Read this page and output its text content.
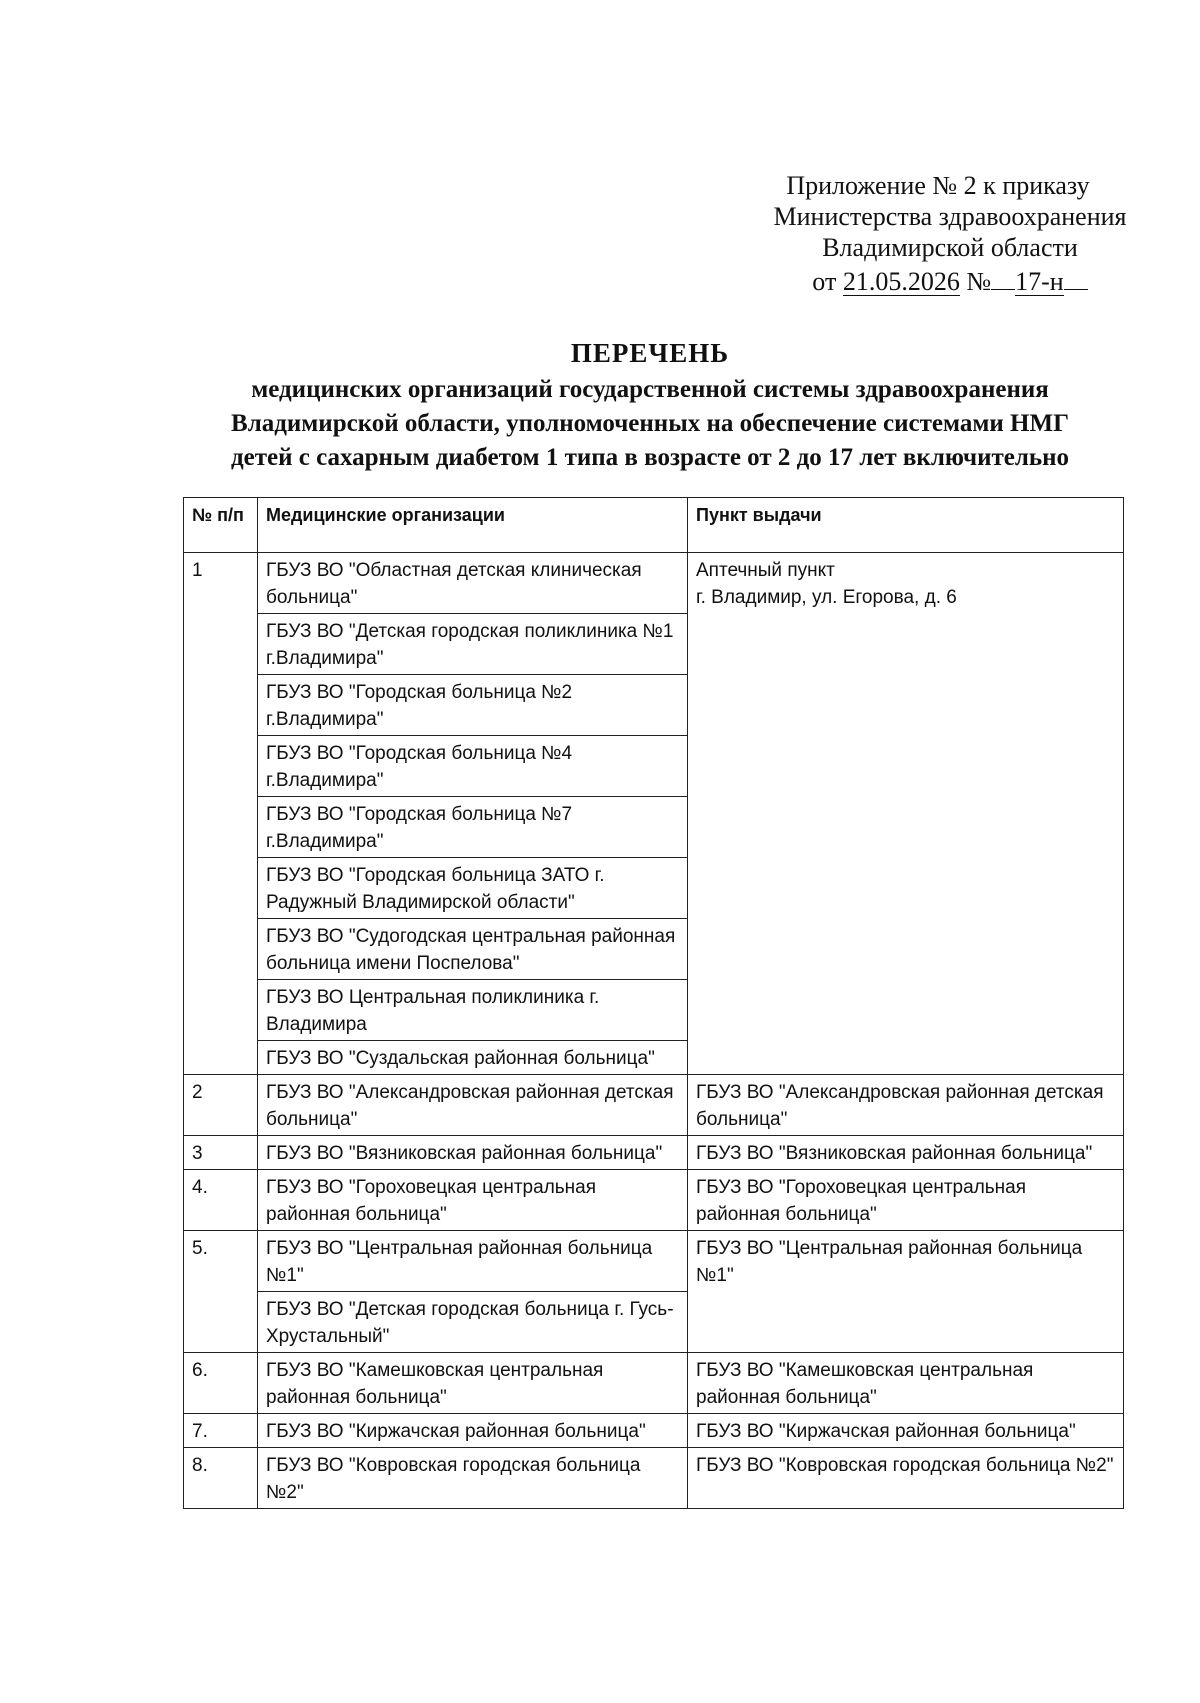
Приложение № 2 к приказу
Министерства здравоохранения
Владимирской области
от
21.05.2026
№ 17-н
ПЕРЕЧЕНЬ
медицинских организаций государственной системы здравоохранения
Владимирской области, уполномоченных на обеспечение системами НМГ
детей с сахарным диабетом 1 типа в возрасте от 2 до 17 лет включительно
№ п/п	Медицинские организации	Пункт выдачи
1	ГБУЗ ВО "Областная детская клиническая больница"	Аптечный пункт
г. Владимир, ул. Егорова, д. 6

	ГБУЗ ВО "Детская городская поликлиника №1 г.Владимира"	
	ГБУЗ ВО "Городская больница №2 г.Владимира"	
	ГБУЗ ВО "Городская больница №4 г.Владимира"	
	ГБУЗ ВО "Городская больница №7 г.Владимира"	
	ГБУЗ ВО "Городская больница ЗАТО г. Радужный Владимирской области"	
	ГБУЗ ВО "Судогодская центральная районная больница имени Поспелова"	
	ГБУЗ ВО Центральная поликлиника г. Владимира	
	ГБУЗ ВО "Суздальская районная больница"	
2	ГБУЗ ВО "Александровская районная детская больница"	ГБУЗ ВО "Александровская районная детская больница"

3	ГБУЗ ВО "Вязниковская районная больница"	ГБУЗ ВО "Вязниковская районная больница"

4.	ГБУЗ ВО "Гороховецкая центральная районная больница"	ГБУЗ ВО "Гороховецкая центральная районная больница"

5.	ГБУЗ ВО "Центральная районная больница №1"	ГБУЗ ВО "Центральная районная больница №1"

	ГБУЗ ВО "Детская городская больница г. Гусь-Хрустальный"	
6.	ГБУЗ ВО "Камешковская центральная районная больница"	ГБУЗ ВО "Камешковская центральная районная больница"

7.	ГБУЗ ВО "Киржачская районная больница"	ГБУЗ ВО "Киржачская районная больница"

8.	ГБУЗ ВО "Ковровская городская больница №2"	ГБУЗ ВО "Ковровская городская больница №2"
